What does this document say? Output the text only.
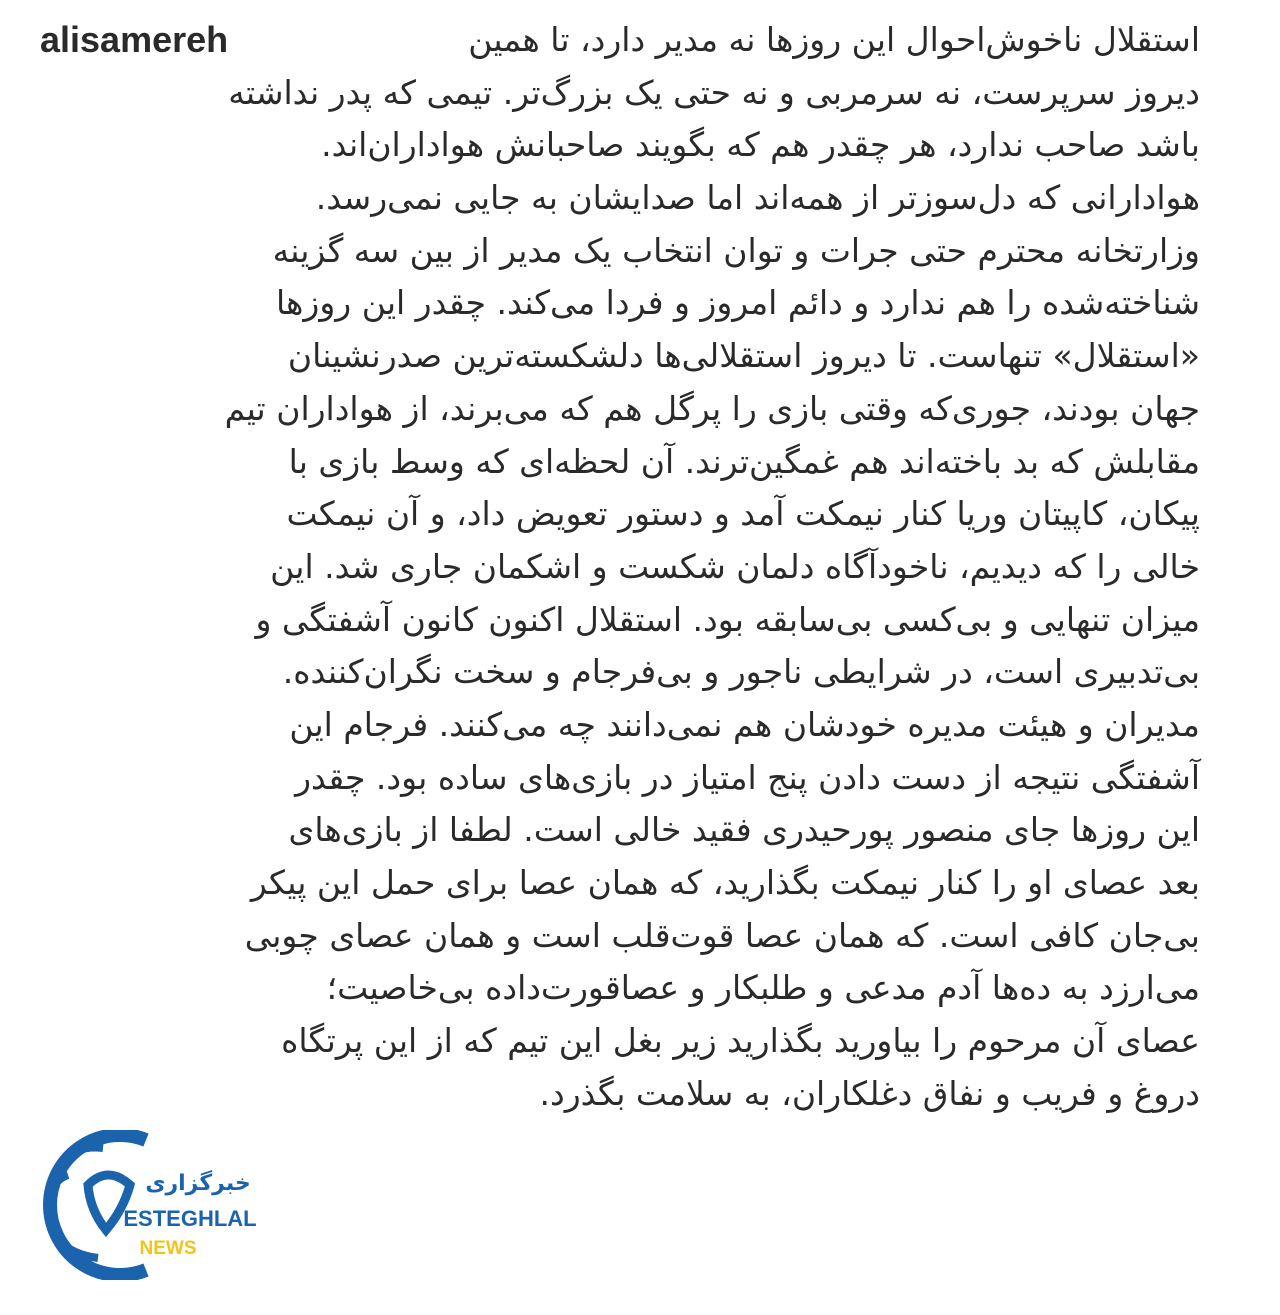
alisamereh	استقلال ناخوش‌احوال این روزها نه مدیر دارد، تا همین
دیروز سرپرست، نه سرمربی و نه حتی یک بزرگ‌تر. تیمی که پدر نداشته
باشد صاحب ندارد، هر چقدر هم که بگویند صاحبانش هواداران‌اند.
هوادارانی که دل‌سوزتر از همه‌اند اما صدایشان به جایی نمی‌رسد.
وزارتخانه محترم حتی جرات و توان انتخاب یک مدیر از بین سه گزینه
شناخته‌شده را هم ندارد و دائم امروز و فردا می‌کند. چقدر این روزها
«استقلال» تنهاست. تا دیروز استقلالی‌ها دلشکسته‌ترین صدرنشینان
جهان بودند، جوری‌که وقتی بازی را پرگل هم که می‌برند، از هواداران تیم
مقابلش که بد باخته‌اند هم غمگین‌ترند. آن لحظه‌ای که وسط بازی با
پیکان، کاپیتان وریا کنار نیمکت آمد و دستور تعویض داد، و آن نیمکت
خالی را که دیدیم، ناخودآگاه دلمان شکست و اشکمان جاری شد. این
میزان تنهایی و بی‌کسی بی‌سابقه بود. استقلال اکنون کانون آشفتگی و
بی‌تدبیری است، در شرایطی ناجور و بی‌فرجام و سخت نگران‌کننده.
مدیران و هیئت مدیره خودشان هم نمی‌دانند چه می‌کنند. فرجام این
آشفتگی نتیجه از دست دادن پنج امتیاز در بازی‌های ساده بود. چقدر
این روزها جای منصور پورحیدری فقید خالی است. لطفا از بازی‌های
بعد عصای او را کنار نیمکت بگذارید، که همان عصا برای حمل این پیکر
بی‌جان کافی است. که همان عصا قوت‌قلب است و همان عصای چوبی
می‌ارزد به ده‌ها آدم مدعی و طلبکار و عصاقورت‌داده بی‌خاصیت؛
عصای آن مرحوم را بیاورید بگذارید زیر بغل این تیم که از این پرتگاه
دروغ و فریب و نفاق دغلکاران، به سلامت بگذرد.
خبرگزاری
ESTEGHLAL
NEWS
